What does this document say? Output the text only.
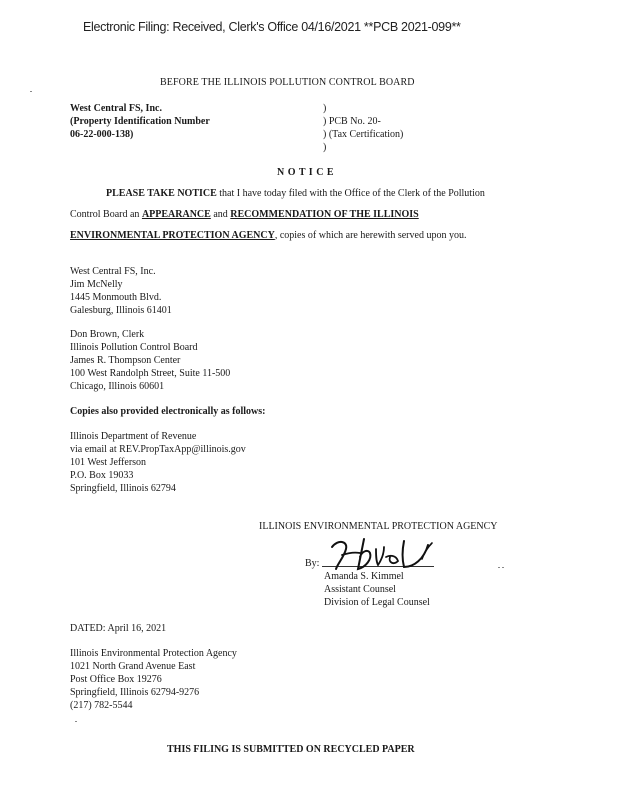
Electronic Filing: Received, Clerk's Office 04/16/2021 **PCB 2021-099**
BEFORE THE ILLINOIS POLLUTION CONTROL BOARD
West Central FS, Inc.
(Property Identification Number
06-22-000-138)
)
) PCB No. 20-
) (Tax Certification)
)
N O T I C E
PLEASE TAKE NOTICE that I have today filed with the Office of the Clerk of the Pollution
Control Board an APPEARANCE and RECOMMENDATION OF THE ILLINOIS
ENVIRONMENTAL PROTECTION AGENCY, copies of which are herewith served upon you.
West Central FS, Inc.
Jim McNelly
1445 Monmouth Blvd.
Galesburg, Illinois 61401
Don Brown, Clerk
Illinois Pollution Control Board
James R. Thompson Center
100 West Randolph Street, Suite 11-500
Chicago, Illinois 60601
Copies also provided electronically as follows:
Illinois Department of Revenue
via email at REV.PropTaxApp@illinois.gov
101 West Jefferson
P.O. Box 19033
Springfield, Illinois 62794
ILLINOIS ENVIRONMENTAL PROTECTION AGENCY
By:
Amanda S. Kimmel
Assistant Counsel
Division of Legal Counsel
DATED: April 16, 2021
Illinois Environmental Protection Agency
1021 North Grand Avenue East
Post Office Box 19276
Springfield, Illinois 62794-9276
(217) 782-5544
THIS FILING IS SUBMITTED ON RECYCLED PAPER
